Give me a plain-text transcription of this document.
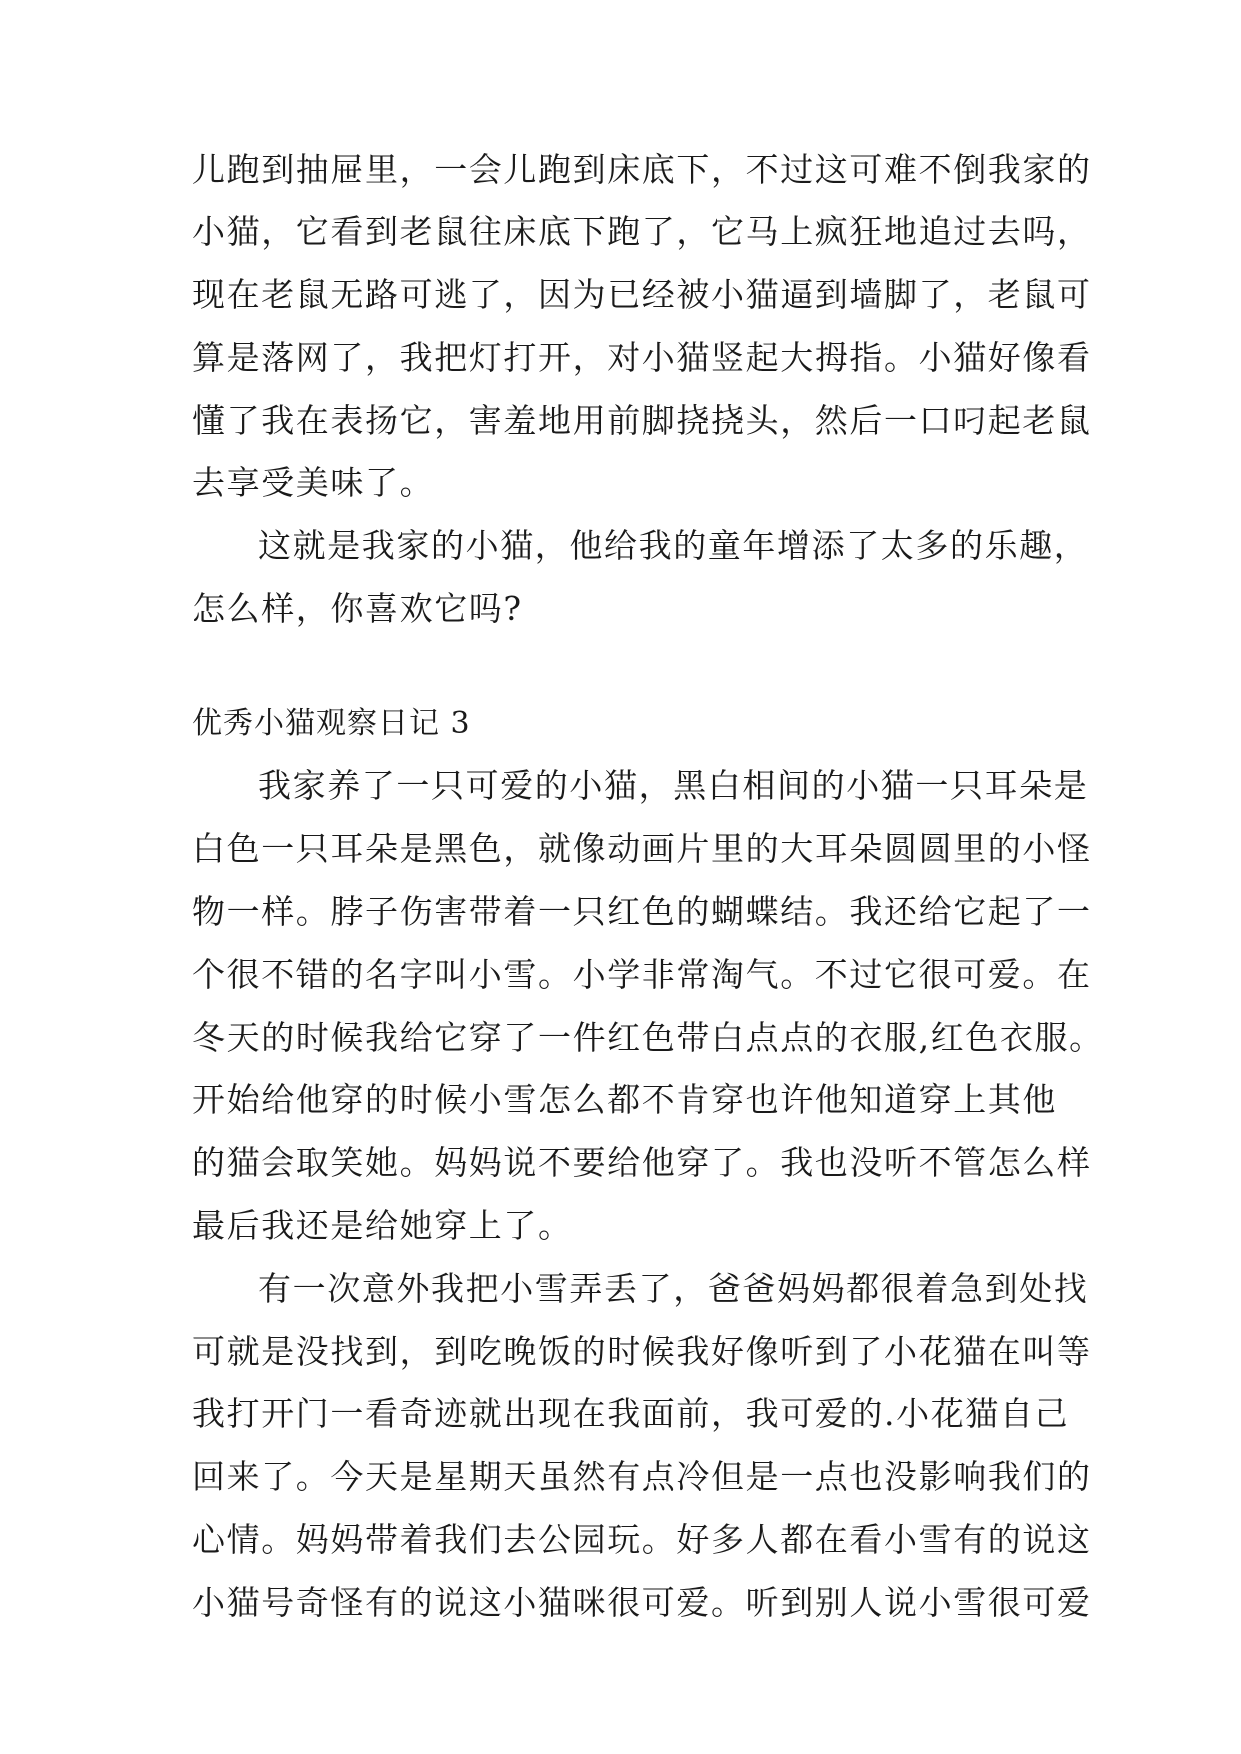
儿跑到抽屉里，一会儿跑到床底下，不过这可难不倒我家的
小猫，它看到老鼠往床底下跑了，它马上疯狂地追过去吗，
现在老鼠无路可逃了，因为已经被小猫逼到墙脚了，老鼠可
算是落网了，我把灯打开，对小猫竖起大拇指。小猫好像看
懂了我在表扬它，害羞地用前脚挠挠头，然后一口叼起老鼠
去享受美味了。
这就是我家的小猫，他给我的童年增添了太多的乐趣，
怎么样，你喜欢它吗?
优秀小猫观察日记 3
我家养了一只可爱的小猫，黑白相间的小猫一只耳朵是
白色一只耳朵是黑色，就像动画片里的大耳朵圆圆里的小怪
物一样。脖子伤害带着一只红色的蝴蝶结。我还给它起了一
个很不错的名字叫小雪。小学非常淘气。不过它很可爱。在
冬天的时候我给它穿了一件红色带白点点的衣服,红色衣服。
开始给他穿的时候小雪怎么都不肯穿也许他知道穿上其他
的猫会取笑她。妈妈说不要给他穿了。我也没听不管怎么样
最后我还是给她穿上了。
有一次意外我把小雪弄丢了，爸爸妈妈都很着急到处找
可就是没找到，到吃晚饭的时候我好像听到了小花猫在叫等
我打开门一看奇迹就出现在我面前，我可爱的.小花猫自己
回来了。今天是星期天虽然有点冷但是一点也没影响我们的
心情。妈妈带着我们去公园玩。好多人都在看小雪有的说这
小猫号奇怪有的说这小猫咪很可爱。听到别人说小雪很可爱
